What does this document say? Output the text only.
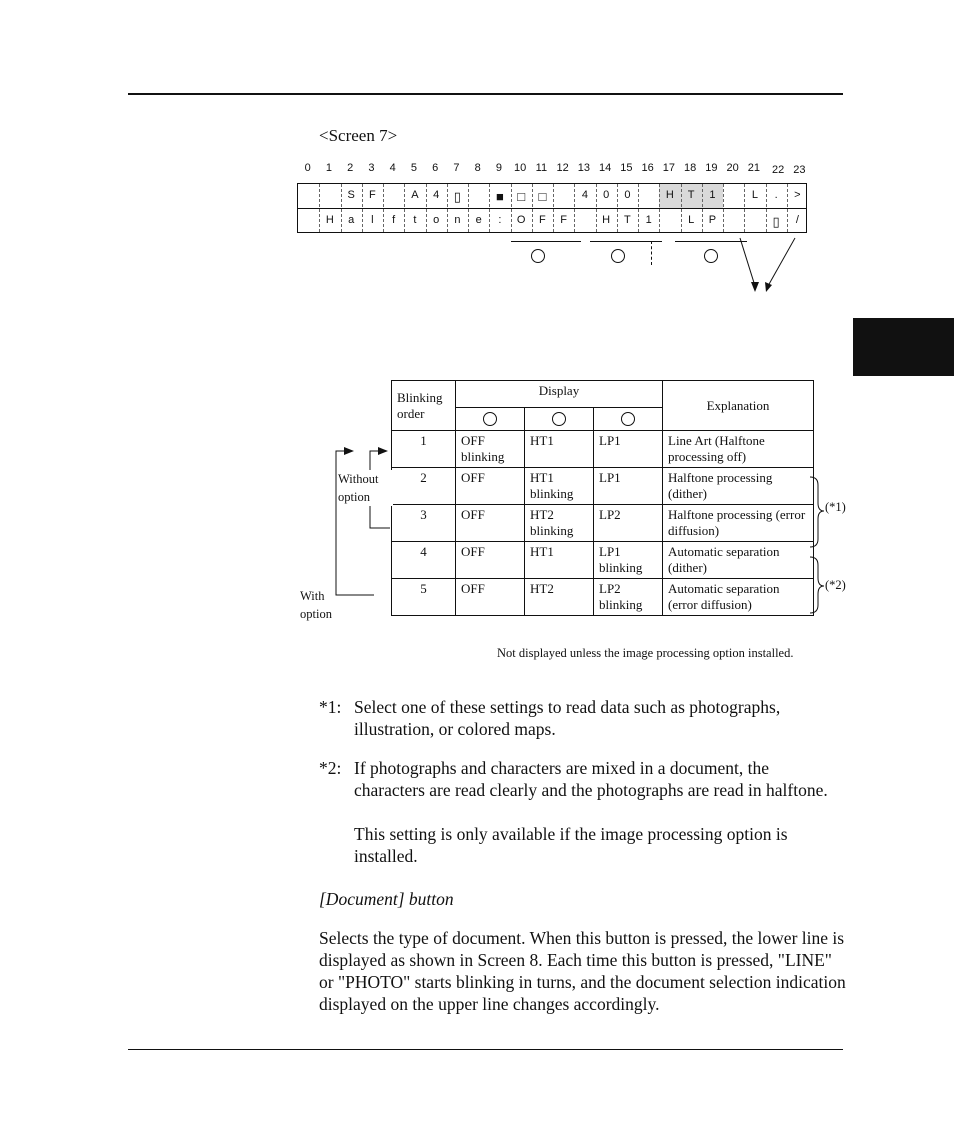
<Screen 7>
0 1 2 3 4 5 6 7 8 9 10 11 12 13 14 15 16 17 18 19 20 21 22 23
S F	A 4 ▯	■ □ □	4 0 0	H T 1	L . >
H a l f t o n e : O F F	H T 1	L P	▯ /
Blinking order	Display			Explanation

1	OFF blinking	HT1	LP1	Line Art (Halftone processing off)
2	OFF	HT1 blinking	LP1	Halftone processing (dither)
3	OFF	HT2 blinking	LP2	Halftone processing (error diffusion)
4	OFF	HT1	LP1 blinking	Automatic separation (dither)
5	OFF	HT2	LP2 blinking	Automatic separation (error diffusion)
Without option
With option
(*1)
(*2)
Not displayed unless the image processing option installed.
*1: Select one of these settings to read data such as photographs, illustration, or colored maps.
*2: If photographs and characters are mixed in a document, the characters are read clearly and the photographs are read in halftone.
This setting is only available if the image processing option is installed.
[Document] button
Selects the type of document. When this button is pressed, the lower line is displayed as shown in Screen 8. Each time this button is pressed, "LINE" or "PHOTO" starts blinking in turns, and the document selection indication displayed on the upper line changes accordingly.
